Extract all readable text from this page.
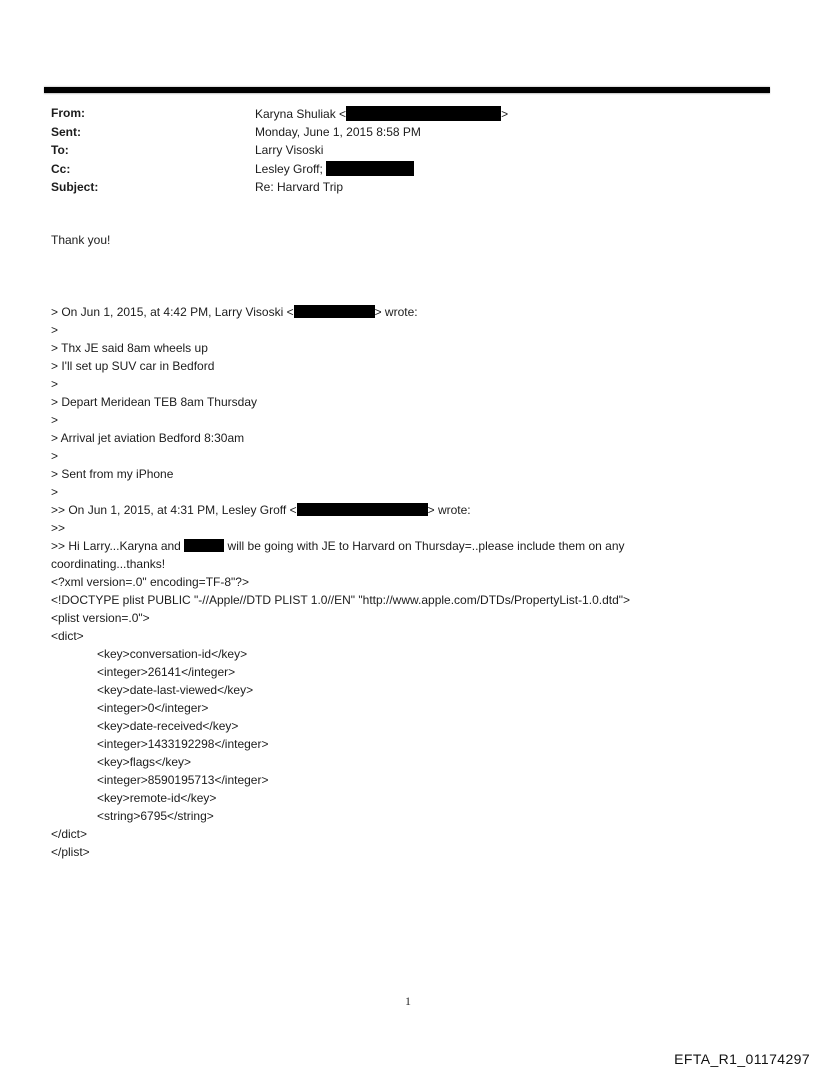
From:	Karyna Shuliak <	>
Sent:	Monday, June 1, 2015 8:58 PM
To:	Larry Visoski
Cc:	Lesley Groff;
Subject:	Re: Harvard Trip
Thank you!
> On Jun 1, 2015, at 4:42 PM, Larry Visoski <	> wrote:
>
> Thx JE said 8am wheels up
> I'll set up SUV car in Bedford
>
> Depart Meridean TEB 8am Thursday
>
> Arrival jet aviation Bedford 8:30am
>
> Sent from my iPhone
>
>> On Jun 1, 2015, at 4:31 PM, Lesley Groff <	> wrote:
>>
>> Hi Larry...Karyna and	will be going with JE to Harvard on Thursday=..please include them on any
coordinating...thanks!
<?xml version=.0" encoding=TF-8"?>
<!DOCTYPE plist PUBLIC "-//Apple//DTD PLIST 1.0//EN" "http://www.apple.com/DTDs/PropertyList-1.0.dtd">
<plist version=.0">
<dict>
<key>conversation-id</key>
<integer>26141</integer>
<key>date-last-viewed</key>
<integer>0</integer>
<key>date-received</key>
<integer>1433192298</integer>
<key>flags</key>
<integer>8590195713</integer>
<key>remote-id</key>
<string>6795</string>
</dict>
</plist>
1
EFTA_R1_01174297
